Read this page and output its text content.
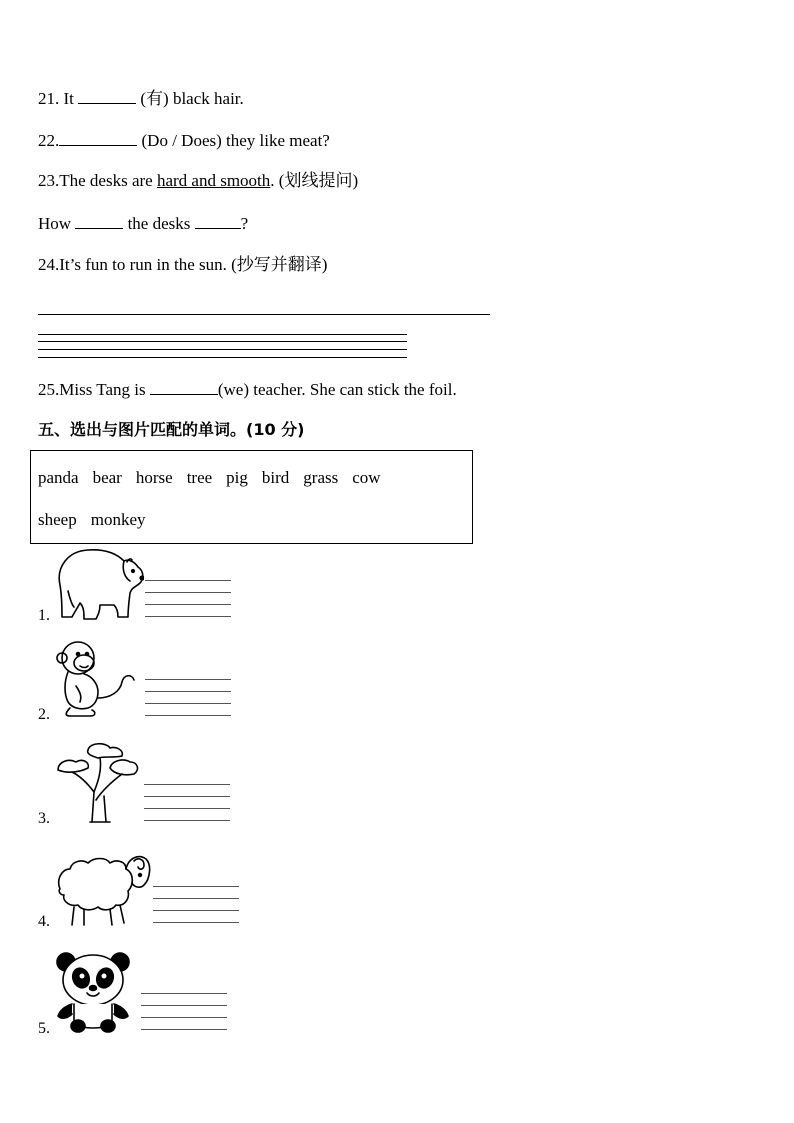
21. It	(有) black hair.
22.	(Do / Does) they like meat?
23.The desks are hard and smooth. (划线提问)
How	the desks	?
24.It’s fun to run in the sun. (抄写并翻译)
25.Miss Tang is	(we) teacher. She can stick the foil.
五、选出与图片匹配的单词。(10 分)
panda bear horse tree pig bird grass cow
sheep monkey
1.
2.
3.
4.
5.
